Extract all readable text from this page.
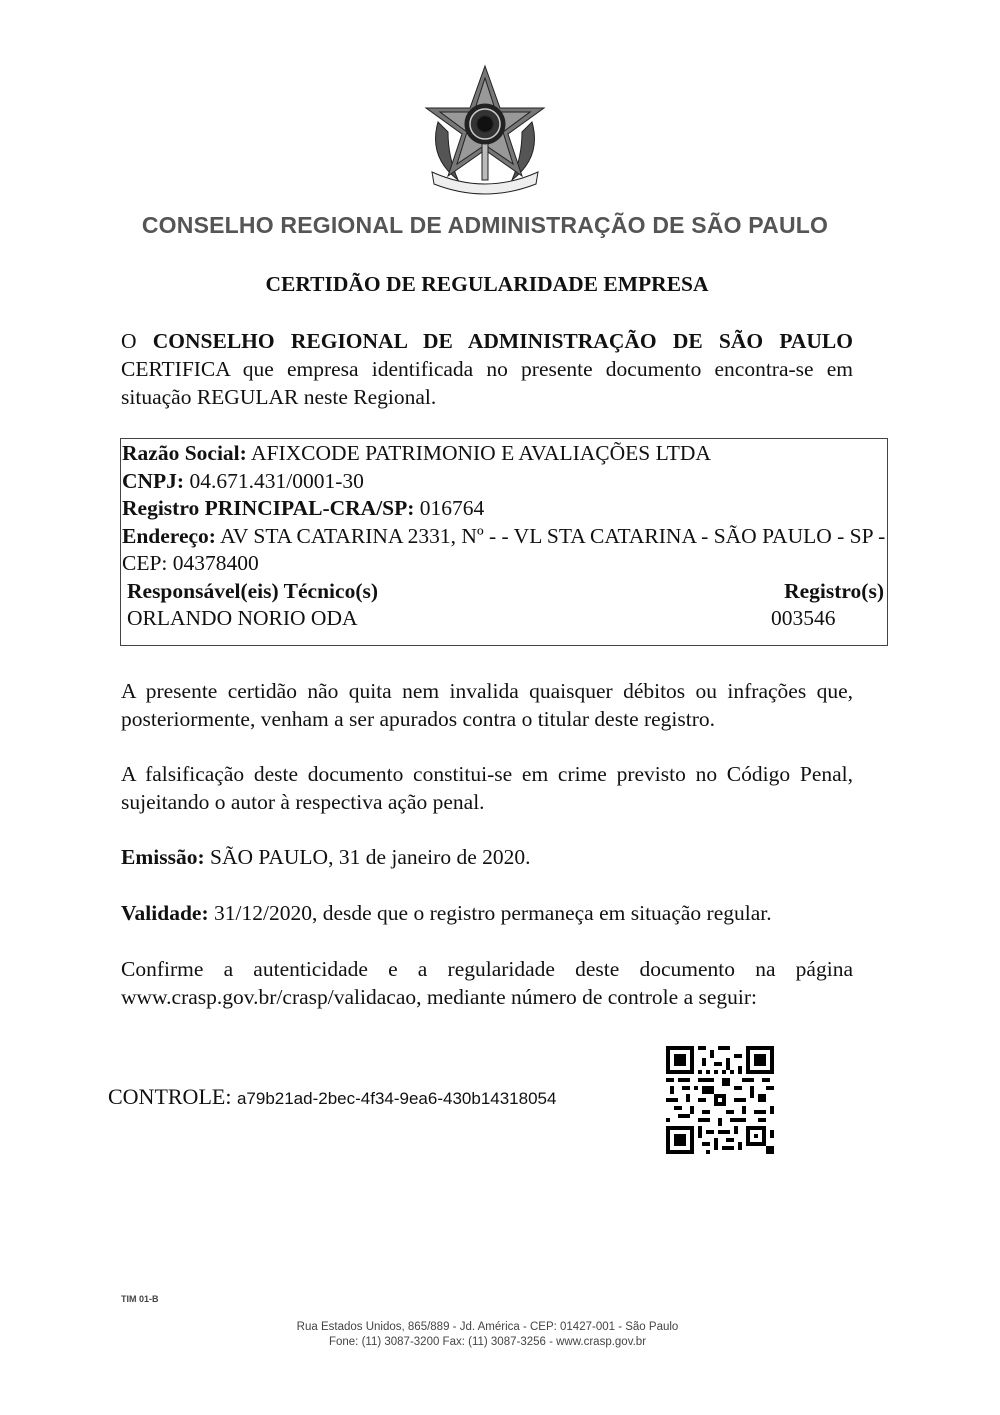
CONSELHO REGIONAL DE ADMINISTRAÇÃO DE SÃO PAULO
CERTIDÃO DE REGULARIDADE EMPRESA
O CONSELHO REGIONAL DE ADMINISTRAÇÃO DE SÃO PAULO CERTIFICA que empresa identificada no presente documento encontra-se em situação REGULAR neste Regional.
Razão Social: AFIXCODE PATRIMONIO E AVALIAÇÕES LTDA
CNPJ: 04.671.431/0001-30
Registro PRINCIPAL-CRA/SP: 016764
Endereço: AV STA CATARINA 2331, Nº - - VL STA CATARINA - SÃO PAULO - SP - CEP: 04378400
Responsável(eis) Técnico(s)	Registro(s)
ORLANDO NORIO ODA	003546
A presente certidão não quita nem invalida quaisquer débitos ou infrações que, posteriormente, venham a ser apurados contra o titular deste registro.
A falsificação deste documento constitui-se em crime previsto no Código Penal, sujeitando o autor à respectiva ação penal.
Emissão: SÃO PAULO, 31 de janeiro de 2020.
Validade: 31/12/2020, desde que o registro permaneça em situação regular.
Confirme a autenticidade e a regularidade deste documento na página www.crasp.gov.br/crasp/validacao, mediante número de controle a seguir:
CONTROLE: a79b21ad-2bec-4f34-9ea6-430b14318054
TIM 01-B
Rua Estados Unidos, 865/889 - Jd. América - CEP: 01427-001 - São Paulo
Fone: (11) 3087-3200 Fax: (11) 3087-3256 - www.crasp.gov.br
